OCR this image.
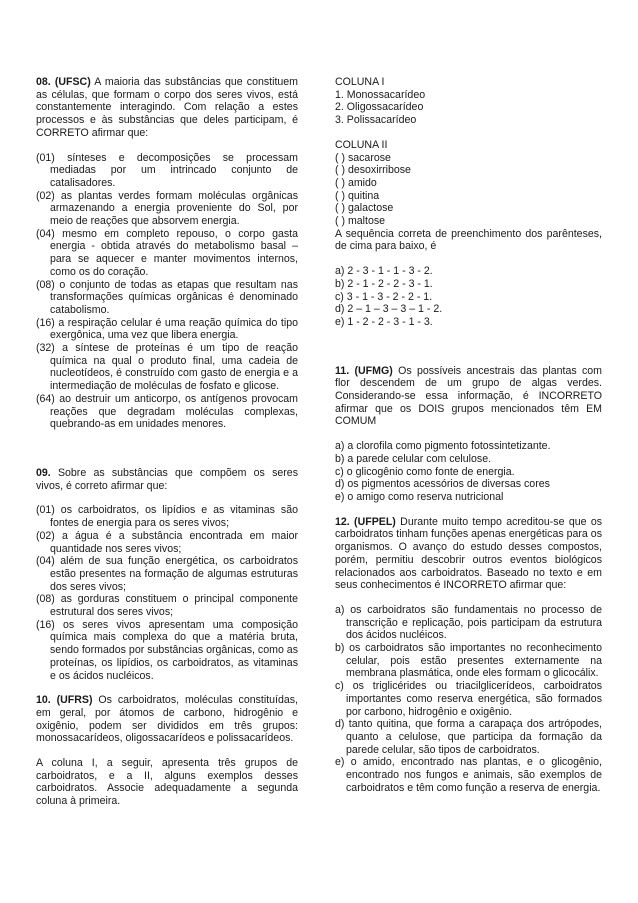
08. (UFSC) A maioria das substâncias que constituem as células, que formam o corpo dos seres vivos, está constantemente interagindo. Com relação a estes processos e às substâncias que deles participam, é CORRETO afirmar que:

(01) sínteses e decomposições se processam mediadas por um intrincado conjunto de catalisadores.

(02) as plantas verdes formam moléculas orgânicas armazenando a energia proveniente do Sol, por meio de reações que absorvem energia.

(04) mesmo em completo repouso, o corpo gasta energia - obtida através do metabolismo basal – para se aquecer e manter movimentos internos, como os do coração.

(08) o conjunto de todas as etapas que resultam nas transformações químicas orgânicas é denominado catabolismo.

(16) a respiração celular é uma reação química do tipo exergônica, uma vez que libera energia.

(32) a síntese de proteínas é um tipo de reação química na qual o produto final, uma cadeia de nucleotídeos, é construído com gasto de energia e a intermediação de moléculas de fosfato e glicose.

(64) ao destruir um anticorpo, os antígenos provocam reações que degradam moléculas complexas, quebrando-as em unidades menores.

09. Sobre as substâncias que compõem os seres vivos, é correto afirmar que:

(01) os carboidratos, os lipídios e as vitaminas são fontes de energia para os seres vivos;

(02) a água é a substância encontrada em maior quantidade nos seres vivos;

(04) além de sua função energética, os carboidratos estão presentes na formação de algumas estruturas dos seres vivos;

(08) as gorduras constituem o principal componente estrutural dos seres vivos;

(16) os seres vivos apresentam uma composição química mais complexa do que a matéria bruta, sendo formados por substâncias orgânicas, como as proteínas, os lipídios, os carboidratos, as vitaminas e os ácidos nucléicos.

10. (UFRS) Os carboidratos, moléculas constituídas, em geral, por átomos de carbono, hidrogênio e oxigênio, podem ser divididos em três grupos: monossacarídeos, oligossacarídeos e polissacarídeos.

A coluna I, a seguir, apresenta três grupos de carboidratos, e a II, alguns exemplos desses carboidratos. Associe adequadamente a segunda coluna à primeira.

COLUNA I

1. Monossacarídeo

2. Oligossacarídeo

3. Polissacarídeo

COLUNA II

( ) sacarose

( ) desoxirribose

( ) amido

( ) quitina

( ) galactose

( ) maltose

A sequência correta de preenchimento dos parênteses, de cima para baixo, é

a) 2 - 3 - 1 - 1 - 3 - 2.

b) 2 - 1 - 2 - 2 - 3 - 1.

c) 3 - 1 - 3 - 2 - 2 - 1.

d) 2 – 1 – 3 – 3 – 1 - 2.

e) 1 - 2 - 2 - 3 - 1 - 3.

11. (UFMG) Os possíveis ancestrais das plantas com flor descendem de um grupo de algas verdes. Considerando-se essa informação, é INCORRETO afirmar que os DOIS grupos mencionados têm EM COMUM

a) a clorofila como pigmento fotossintetizante.

b) a parede celular com celulose.

c) o glicogênio como fonte de energia.

d) os pigmentos acessórios de diversas cores

e) o amigo como reserva nutricional

12. (UFPEL) Durante muito tempo acreditou-se que os carboidratos tinham funções apenas energéticas para os organismos. O avanço do estudo desses compostos, porém, permitiu descobrir outros eventos biológicos relacionados aos carboidratos. Baseado no texto e em seus conhecimentos é INCORRETO afirmar que:

a) os carboidratos são fundamentais no processo de transcrição e replicação, pois participam da estrutura dos ácidos nucléicos.

b) os carboidratos são importantes no reconhecimento celular, pois estão presentes externamente na membrana plasmática, onde eles formam o glicocálix.

c) os triglicérides ou triacilglicerídeos, carboidratos importantes como reserva energética, são formados por carbono, hidrogênio e oxigênio.

d) tanto quitina, que forma a carapaça dos artrópodes, quanto a celulose, que participa da formação da parede celular, são tipos de carboidratos.

e) o amido, encontrado nas plantas, e o glicogênio, encontrado nos fungos e animais, são exemplos de carboidratos e têm como função a reserva de energia.
